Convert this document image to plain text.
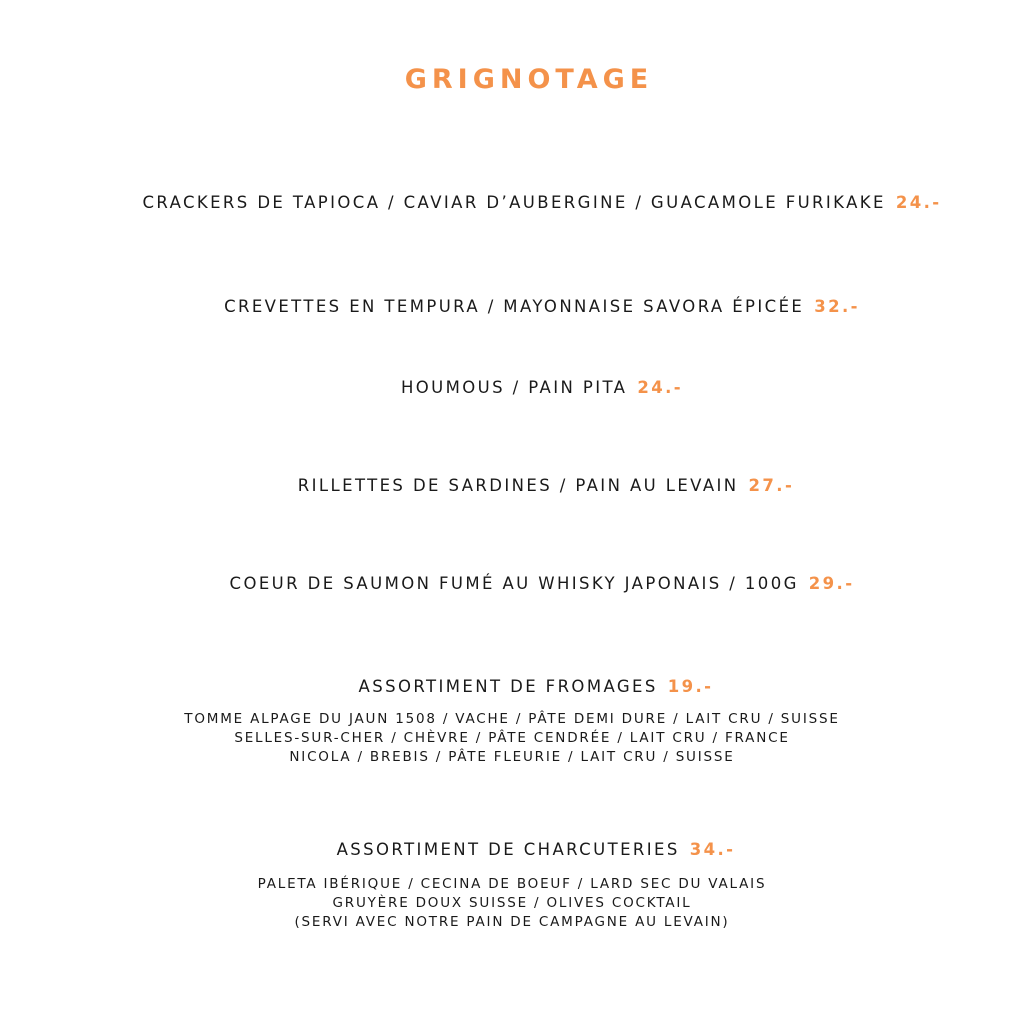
GRIGNOTAGE
CRACKERS DE TAPIOCA / CAVIAR D’AUBERGINE / GUACAMOLE FURIKAKE 24.-
CREVETTES EN TEMPURA / MAYONNAISE SAVORA ÉPICÉE 32.-
HOUMOUS / PAIN PITA 24.-
RILLETTES DE SARDINES / PAIN AU LEVAIN 27.-
COEUR DE SAUMON FUMÉ AU WHISKY JAPONAIS / 100G 29.-
ASSORTIMENT DE FROMAGES 19.-
TOMME ALPAGE DU JAUN 1508 / VACHE / PÂTE DEMI DURE / LAIT CRU / SUISSE
SELLES-SUR-CHER / CHÈVRE / PÂTE CENDRÉE / LAIT CRU / FRANCE
NICOLA / BREBIS / PÂTE FLEURIE / LAIT CRU / SUISSE
ASSORTIMENT DE CHARCUTERIES 34.-
PALETA IBÉRIQUE / CECINA DE BOEUF / LARD SEC DU VALAIS
GRUYÈRE DOUX SUISSE / OLIVES COCKTAIL
(SERVI AVEC NOTRE PAIN DE CAMPAGNE AU LEVAIN)
